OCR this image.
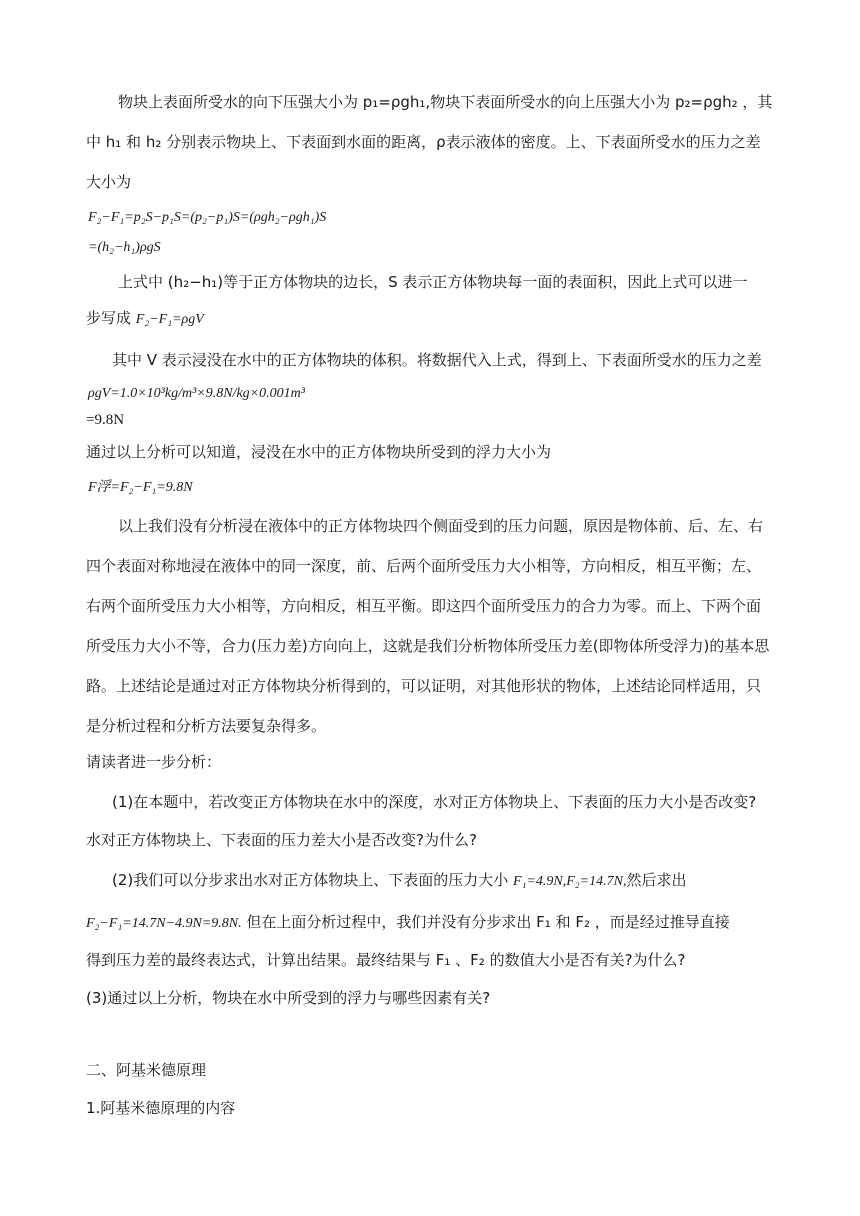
物块上表面所受水的向下压强大小为 p₁=ρgh₁,物块下表面所受水的向上压强大小为 p₂=ρgh₂ ，其
中 h₁ 和 h₂ 分别表示物块上、下表面到水面的距离，ρ表示液体的密度。上、下表面所受水的压力之差
大小为
F₂−F₁=p₂S−p₁S=(p₂−p₁)S=(ρgh₂−ρgh₁)S
=(h₂−h₁)ρgS
上式中 (h₂−h₁)等于正方体物块的边长，S 表示正方体物块每一面的表面积，因此上式可以进一
步写成 F₂−F₁=ρgV
其中 V 表示浸没在水中的正方体物块的体积。将数据代入上式，得到上、下表面所受水的压力之差
ρgV=1.0×10³kg/m³×9.8N/kg×0.001m³
=9.8N
通过以上分析可以知道，浸没在水中的正方体物块所受到的浮力大小为
F浮=F₂−F₁=9.8N
以上我们没有分析浸在液体中的正方体物块四个侧面受到的压力问题，原因是物体前、后、左、右
四个表面对称地浸在液体中的同一深度，前、后两个面所受压力大小相等，方向相反，相互平衡；左、
右两个面所受压力大小相等，方向相反，相互平衡。即这四个面所受压力的合力为零。而上、下两个面
所受压力大小不等，合力(压力差)方向向上，这就是我们分析物体所受压力差(即物体所受浮力)的基本思
路。上述结论是通过对正方体物块分析得到的，可以证明，对其他形状的物体，上述结论同样适用，只
是分析过程和分析方法要复杂得多。
请读者进一步分析：
(1)在本题中，若改变正方体物块在水中的深度，水对正方体物块上、下表面的压力大小是否改变?
水对正方体物块上、下表面的压力差大小是否改变?为什么?
(2)我们可以分步求出水对正方体物块上、下表面的压力大小 F₁=4.9N,F₂=14.7N,然后求出
F₂−F₁=14.7N−4.9N=9.8N. 但在上面分析过程中，我们并没有分步求出 F₁ 和 F₂ ，而是经过推导直接
得到压力差的最终表达式，计算出结果。最终结果与 F₁ 、F₂ 的数值大小是否有关?为什么?
(3)通过以上分析，物块在水中所受到的浮力与哪些因素有关?
二、阿基米德原理
1.阿基米德原理的内容
